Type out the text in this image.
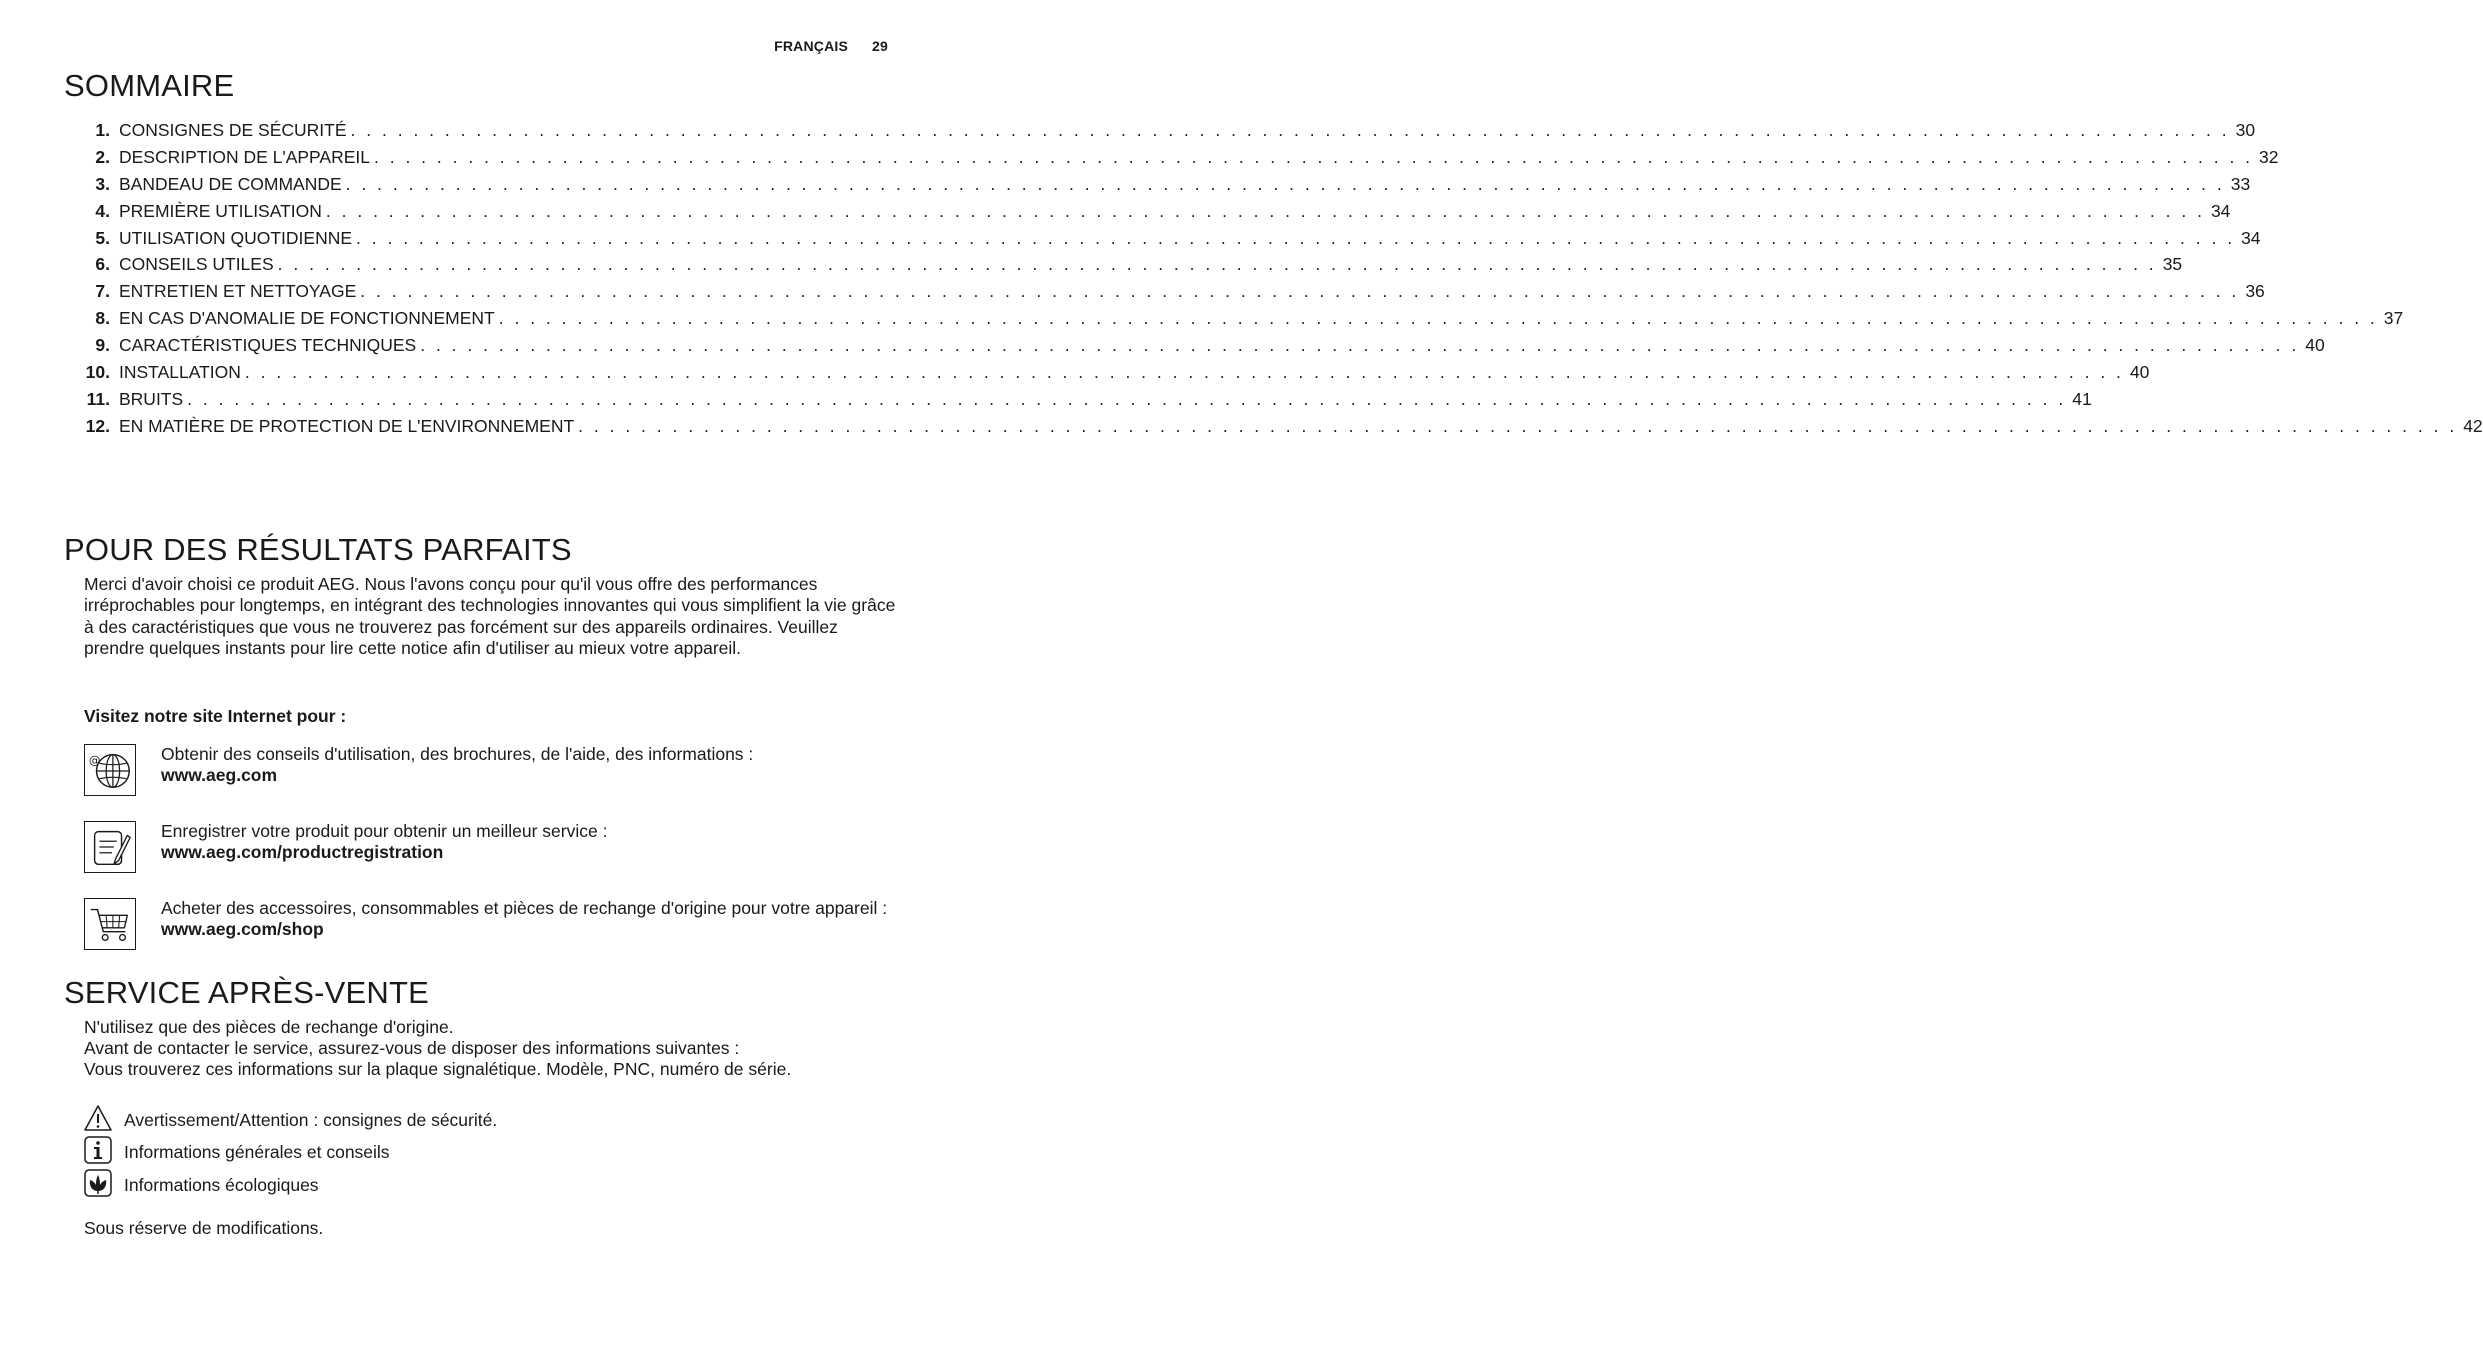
FRANÇAIS 29
SOMMAIRE
1. CONSIGNES DE SÉCURITÉ . . . . . . . . . . . . . . . . . . . . . . . . . . . . . . . . . . . . . . . . . . . . . . . . . . . . . . . . . . . . . . . . . . . . . . . . . . . . . . . . . . . . . . . . . . . . . . . . . . . . . . . . . . . . . . . . . . . . . . . . 30
2. DESCRIPTION DE L'APPAREIL . . . . . . . . . . . . . . . . . . . . . . . . . . . . . . . . . . . . . . . . . . . . . . . . . . . . . . . . . . . . . . . . . . . . . . . . . . . . . . . . . . . . . . . . . . . . . . . . . . . . . . . . . . . . . . . . . . . . . . . . 32
3. BANDEAU DE COMMANDE . . . . . . . . . . . . . . . . . . . . . . . . . . . . . . . . . . . . . . . . . . . . . . . . . . . . . . . . . . . . . . . . . . . . . . . . . . . . . . . . . . . . . . . . . . . . . . . . . . . . . . . . . . . . . . . . . . . . . . . . 33
4. PREMIÈRE UTILISATION . . . . . . . . . . . . . . . . . . . . . . . . . . . . . . . . . . . . . . . . . . . . . . . . . . . . . . . . . . . . . . . . . . . . . . . . . . . . . . . . . . . . . . . . . . . . . . . . . . . . . . . . . . . . . . . . . . . . . . . . 34
5. UTILISATION QUOTIDIENNE . . . . . . . . . . . . . . . . . . . . . . . . . . . . . . . . . . . . . . . . . . . . . . . . . . . . . . . . . . . . . . . . . . . . . . . . . . . . . . . . . . . . . . . . . . . . . . . . . . . . . . . . . . . . . . . . . . . . . . . . 34
6. CONSEILS UTILES . . . . . . . . . . . . . . . . . . . . . . . . . . . . . . . . . . . . . . . . . . . . . . . . . . . . . . . . . . . . . . . . . . . . . . . . . . . . . . . . . . . . . . . . . . . . . . . . . . . . . . . . . . . . . . . . . . . . . . . . 35
7. ENTRETIEN ET NETTOYAGE . . . . . . . . . . . . . . . . . . . . . . . . . . . . . . . . . . . . . . . . . . . . . . . . . . . . . . . . . . . . . . . . . . . . . . . . . . . . . . . . . . . . . . . . . . . . . . . . . . . . . . . . . . . . . . . . . . . . . . . . 36
8. EN CAS D'ANOMALIE DE FONCTIONNEMENT . . . . . . . . . . . . . . . . . . . . . . . . . . . . . . . . . . . . . . . . . . . . . . . . . . . . . . . . . . . . . . . . . . . . . . . . . . . . . . . . . . . . . . . . . . . . . . . . . . . . . . . . . . . . . . . . . . . . . . . . 37
9. CARACTÉRISTIQUES TECHNIQUES . . . . . . . . . . . . . . . . . . . . . . . . . . . . . . . . . . . . . . . . . . . . . . . . . . . . . . . . . . . . . . . . . . . . . . . . . . . . . . . . . . . . . . . . . . . . . . . . . . . . . . . . . . . . . . . . . . . . . . . . 40
10. INSTALLATION . . . . . . . . . . . . . . . . . . . . . . . . . . . . . . . . . . . . . . . . . . . . . . . . . . . . . . . . . . . . . . . . . . . . . . . . . . . . . . . . . . . . . . . . . . . . . . . . . . . . . . . . . . . . . . . . . . . . . . . . 40
11. BRUITS . . . . . . . . . . . . . . . . . . . . . . . . . . . . . . . . . . . . . . . . . . . . . . . . . . . . . . . . . . . . . . . . . . . . . . . . . . . . . . . . . . . . . . . . . . . . . . . . . . . . . . . . . . . . . . . . . . . . . . . . 41
12. EN MATIÈRE DE PROTECTION DE L'ENVIRONNEMENT . . . . . . . . . . . . . . . . . . . . . . . . . . . . . . . . . . . . . . . . . . . . . . . . . . . . . . . . . . . . . . . . . . . . . . . . . . . . . . . . . . . . . . . . . . . . . . . . . . . . . . . . . . . . . . . . . . . . . . . . 42
POUR DES RÉSULTATS PARFAITS

Merci d'avoir choisi ce produit AEG. Nous l'avons conçu pour qu'il vous offre des performances irréprochables pour longtemps, en intégrant des technologies innovantes qui vous simplifient la vie grâce à des caractéristiques que vous ne trouverez pas forcément sur des appareils ordinaires. Veuillez prendre quelques instants pour lire cette notice afin d'utiliser au mieux votre appareil.

Visitez notre site Internet pour :

@	Obtenir des conseils d'utilisation, des brochures, de l'aide, des informations :
www.aeg.com
Enregistrer votre produit pour obtenir un meilleur service :
www.aeg.com/productregistration
Acheter des accessoires, consommables et pièces de rechange d'origine pour votre appareil :
www.aeg.com/shop
SERVICE APRÈS-VENTE

N'utilisez que des pièces de rechange d'origine.

Avant de contacter le service, assurez-vous de disposer des informations suivantes :

Vous trouverez ces informations sur la plaque signalétique. Modèle, PNC, numéro de série.

Avertissement/Attention : consignes de sécurité.
Informations générales et conseils
Informations écologiques

Sous réserve de modifications.
